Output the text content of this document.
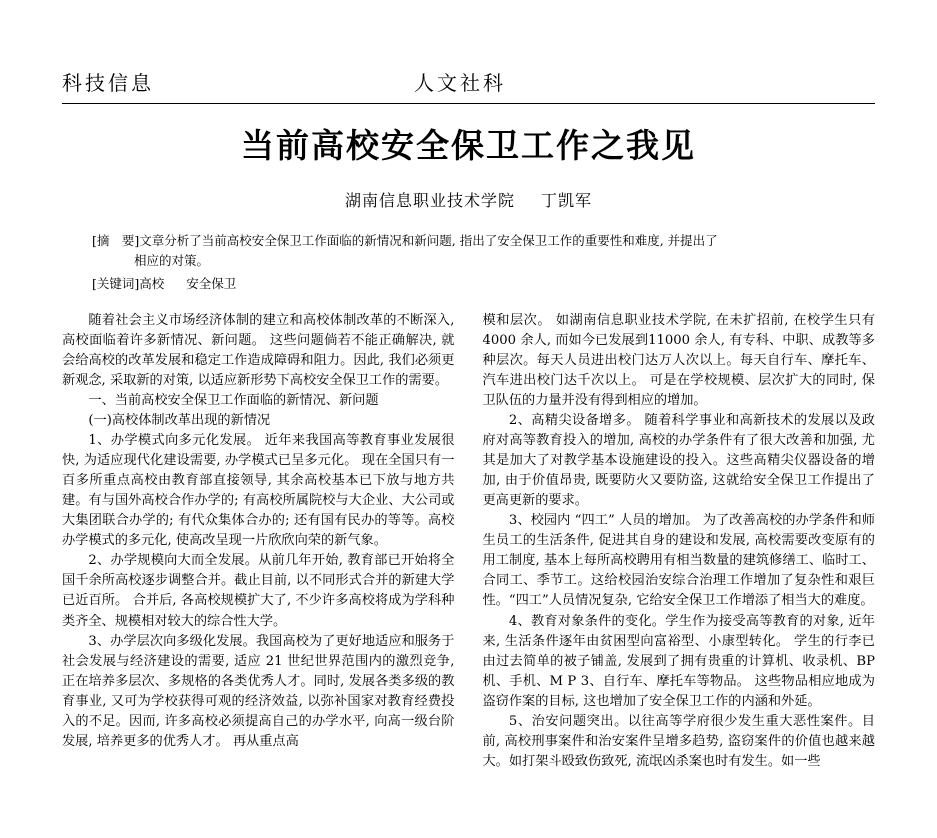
科技信息	人文社科
当前高校安全保卫工作之我见
湖南信息职业技术学院 丁凯军
[摘　要]文章分析了当前高校安全保卫工作面临的新情况和新问题, 指出了安全保卫工作的重要性和难度, 并提出了
相应的对策。
[关键词]高校 安全保卫

随着社会主义市场经济体制的建立和高校体制改革的不断深入, 高校面临着许多新情况、新问题。 这些问题倘若不能正确解决, 就会给高校的改革发展和稳定工作造成障碍和阻力。因此, 我们必须更新观念, 采取新的对策, 以适应新形势下高校安全保卫工作的需要。

一、当前高校安全保卫工作面临的新情况、新问题

(一)高校体制改革出现的新情况

1、办学模式向多元化发展。 近年来我国高等教育事业发展很快, 为适应现代化建设需要, 办学模式已呈多元化。 现在全国只有一百多所重点高校由教育部直接领导, 其余高校基本已下放与地方共建。有与国外高校合作办学的; 有高校所属院校与大企业、大公司或大集团联合办学的; 有代众集体合办的; 还有国有民办的等等。高校办学模式的多元化, 使高改呈现一片欣欣向荣的新气象。

2、办学规模向大而全发展。从前几年开始, 教育部已开始将全国千余所高校逐步调整合并。截止目前, 以不同形式合并的新建大学已近百所。 合并后, 各高校规模扩大了, 不少许多高校将成为学科种类齐全、规模相对较大的综合性大学。

3、办学层次向多级化发展。我国高校为了更好地适应和服务于社会发展与经济建设的需要, 适应 21 世纪世界范围内的激烈竞争, 正在培养多层次、多规格的各类优秀人才。同时, 发展各类多级的教育事业, 又可为学校获得可观的经济效益, 以弥补国家对教育经费投入的不足。因而, 许多高校必须提高自己的办学水平, 向高一级台阶发展, 培养更多的优秀人才。 再从重点高

模和层次。 如湖南信息职业技术学院, 在未扩招前, 在校学生只有4000 余人, 而如今已发展到11000 余人, 有专科、中职、成教等多种层次。每天人员进出校门达万人次以上。每天自行车、摩托车、汽车进出校门达千次以上。 可是在学校规模、层次扩大的同时, 保卫队伍的力量并没有得到相应的增加。

2、高精尖设备增多。 随着科学事业和高新技术的发展以及政府对高等教育投入的增加, 高校的办学条件有了很大改善和加强, 尤其是加大了对教学基本设施建设的投入。这些高精尖仪器设备的增加, 由于价值昂贵, 既要防火又要防盗, 这就给安全保卫工作提出了更高更新的要求。

3、校园内 “四工” 人员的增加。 为了改善高校的办学条件和师生员工的生活条件, 促进其自身的建设和发展, 高校需要改变原有的用工制度, 基本上每所高校聘用有相当数量的建筑修缮工、临时工、合同工、季节工。这给校园治安综合治理工作增加了复杂性和艰巨性。“四工”人员情况复杂, 它给安全保卫工作增添了相当大的难度。

4、教育对象条件的变化。学生作为接受高等教育的对象, 近年来, 生活条件逐年由贫困型向富裕型、小康型转化。 学生的行李已由过去简单的被子铺盖, 发展到了拥有贵重的计算机、收录机、BP 机、手机、M P 3、自行车、摩托车等物品。 这些物品相应地成为盗窃作案的目标, 这也增加了安全保卫工作的内涵和外延。

5、治安问题突出。以往高等学府很少发生重大恶性案件。目前, 高校刑事案件和治安案件呈增多趋势, 盗窃案件的价值也越来越大。如打架斗殴致伤致死, 流氓凶杀案也时有发生。如一些
